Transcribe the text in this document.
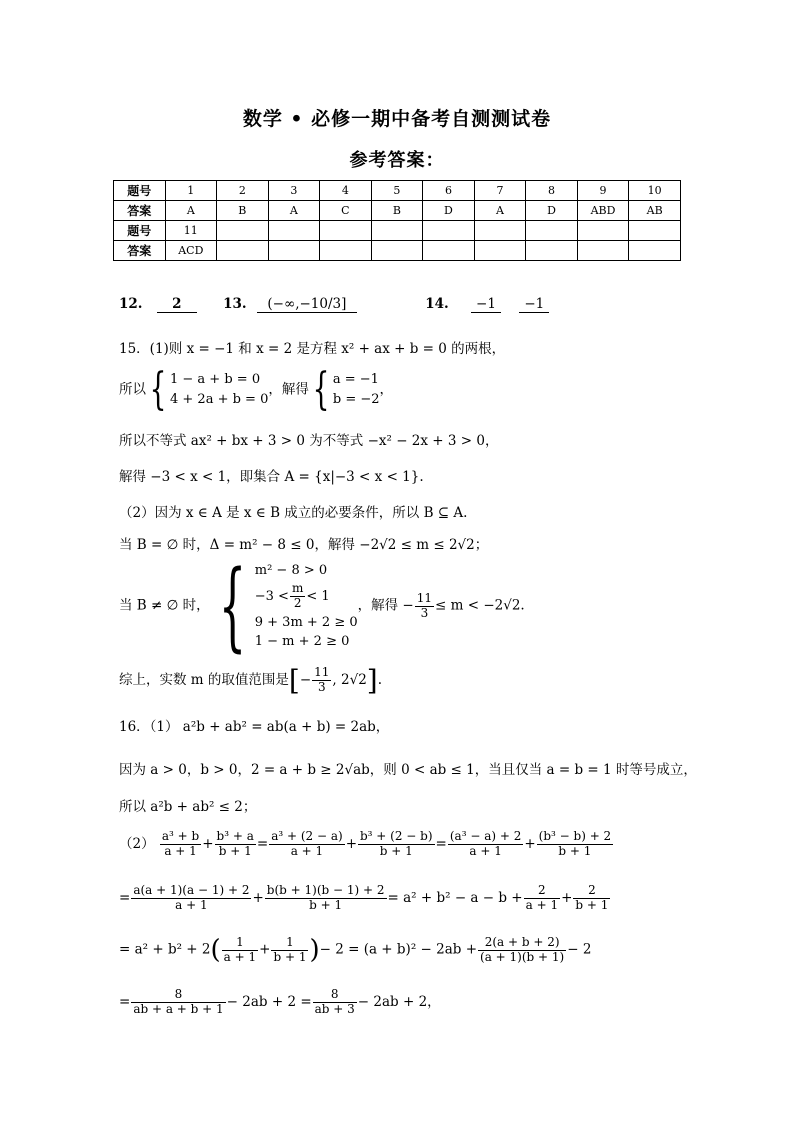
数学 • 必修一期中备考自测测试卷
参考答案：
题号	1	2	3	4	5	6	7	8	9	10
答案	A	B	A	C	B	D	A	D	ABD	AB
题号	11									
答案	ACD									
12. 2	13. (−∞,−10/3]	14. −1 −1
15．(1)则 x = −1 和 x = 2 是方程 x² + ax + b = 0 的两根，
所以{ 1 − a + b = 0
4 + 2a + b = 0
，解得{ a = −1
b = −2
，
所以不等式 ax² + bx + 3 > 0 为不等式 −x² − 2x + 3 > 0，
解得 −3 < x < 1，即集合 A = {x|−3 < x < 1}.
（2）因为 x ∈ A 是 x ∈ B 成立的必要条件，所以 B ⊆ A.
当 B = ∅ 时，Δ = m² − 8 ≤ 0，解得 −2√2 ≤ m ≤ 2√2；
当 B ≠ ∅ 时，{ m² − 8 > 0
$-3 < \frac{m}{2} < 1$
9 + 3m + 2 ≥ 0
1 − m + 2 ≥ 0
，解得 − $\frac{11}{3} \le m < -2√2$.
综上，实数 m 的取值范围是[− $\frac{11}{3}$ , 2√2].
16．（1） a²b + ab² = ab(a + b) = 2ab，
因为 a > 0，b > 0，2 = a + b ≥ 2√ab，则 0 < ab ≤ 1，当且仅当 a = b = 1 时等号成立，
所以 a²b + ab² ≤ 2；
$(2) \frac{\text{a³ + b}}{a + 1} + \frac{\text{b³ + a}}{b + 1} = \frac{\text{a³ + (2 − a)}}{a + 1} + \frac{\text{b³ + (2 − b)}}{b + 1} = \frac{\text{(a³ − a) + 2}}{a + 1} + \frac{\text{(b³ − b) + 2}}{b + 1}$
= $\frac{a(a + 1)(a - 1) + 2}{a + 1} + \frac{b(b + 1)(b - 1) + 2}{b + 1} = a^2 + b^2 - a - b + \frac{2}{a + 1} + \frac{2}{b + 1}$
= $a^2 + b^2 + 2( \frac{1}{a + 1} + \frac{1}{b + 1}$ )− $2 = (a + b)^2 - 2ab + \frac{2(a + b + 2)}{(a + 1)(b + 1)} - 2$
= $\frac{8}{ab + a + b + 1} - 2ab + 2 = \frac{8}{ab + 3} - 2ab + 2$，
